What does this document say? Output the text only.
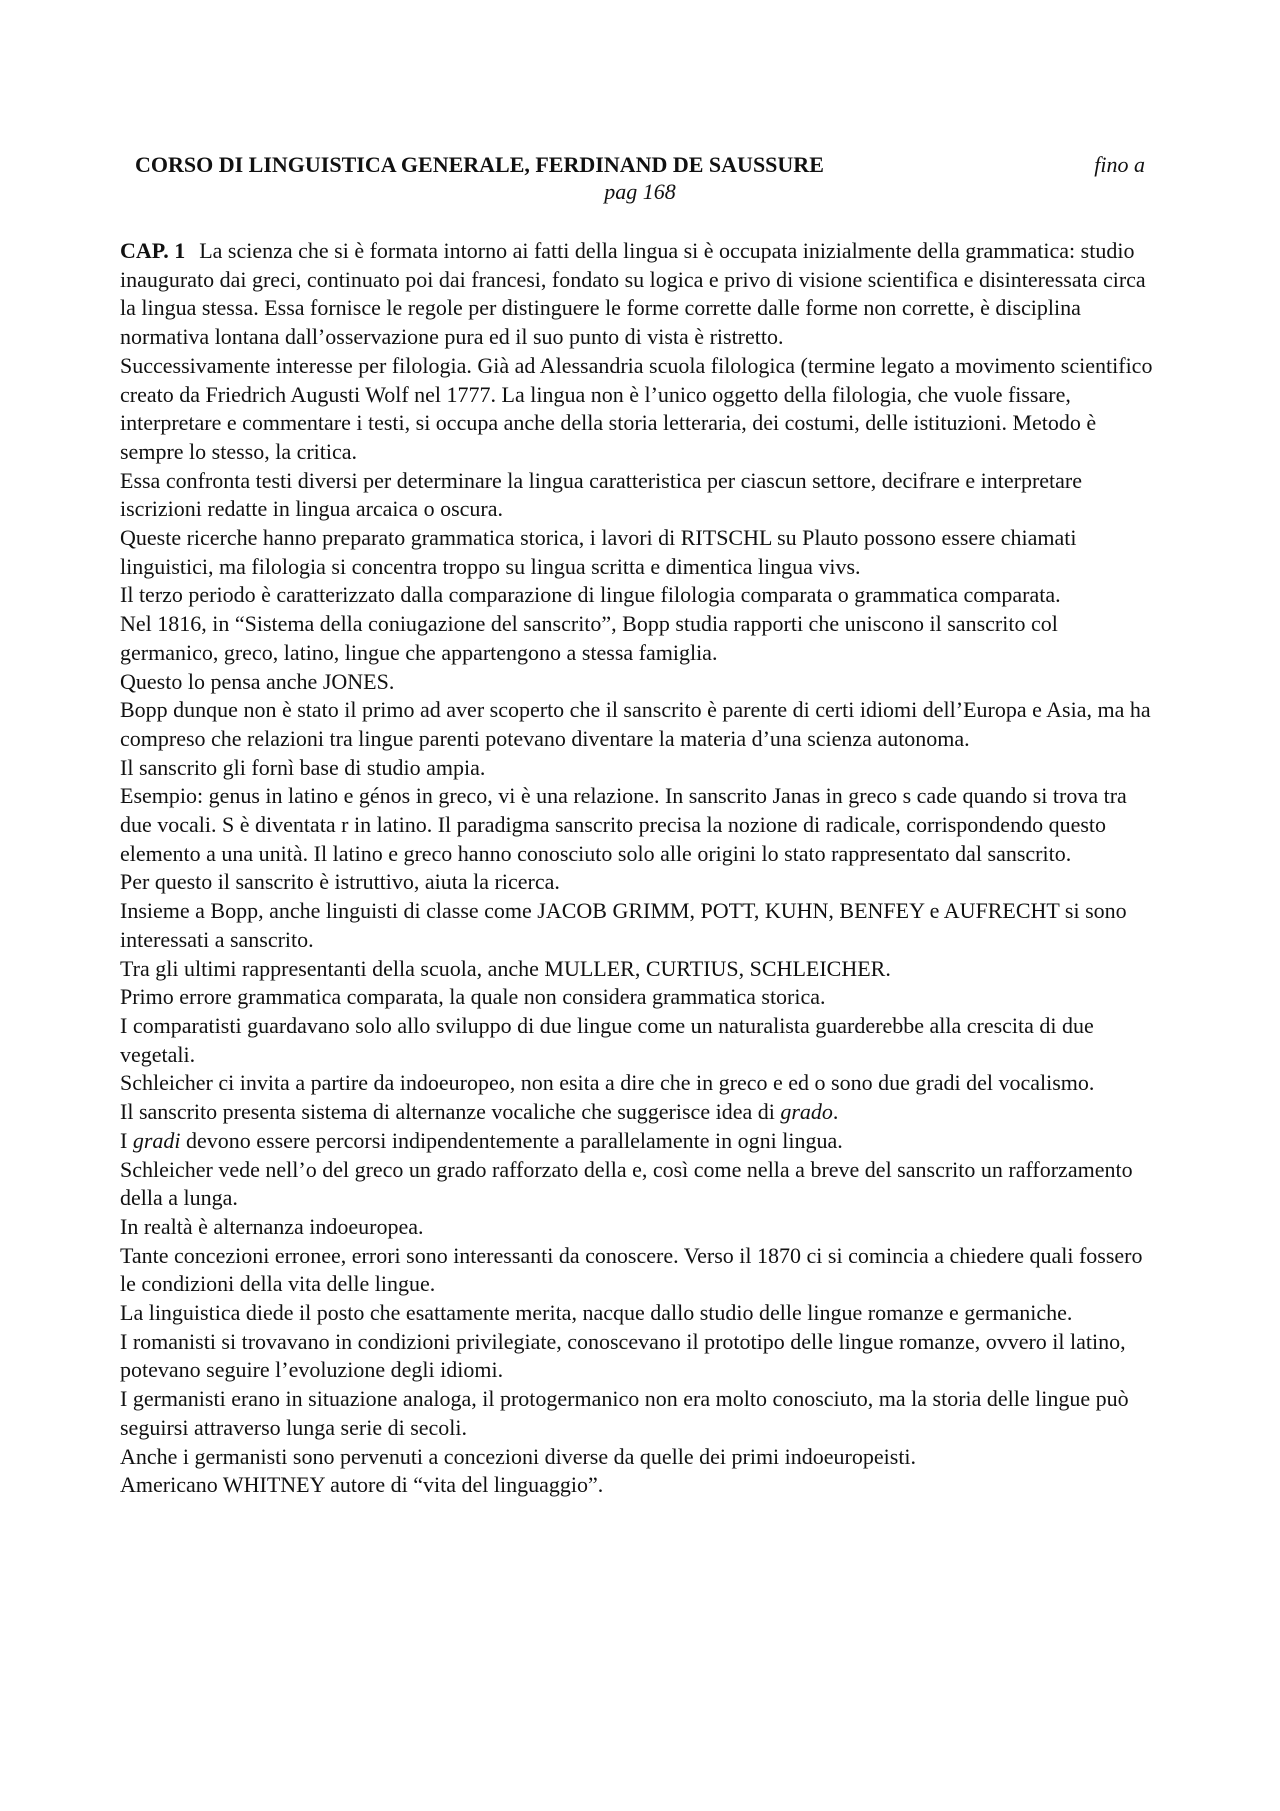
CORSO DI LINGUISTICA GENERALE, FERDINAND DE SAUSSURE	fino a
pag 168

CAP. 1 La scienza che si è formata intorno ai fatti della lingua si è occupata inizialmente della grammatica: studio inaugurato dai greci, continuato poi dai francesi, fondato su logica e privo di visione scientifica e disinteressata circa la lingua stessa. Essa fornisce le regole per distinguere le forme corrette dalle forme non corrette, è disciplina normativa lontana dall’osservazione pura ed il suo punto di vista è ristretto.

Successivamente interesse per filologia. Già ad Alessandria scuola filologica (termine legato a movimento scientifico creato da Friedrich Augusti Wolf nel 1777. La lingua non è l’unico oggetto della filologia, che vuole fissare, interpretare e commentare i testi, si occupa anche della storia letteraria, dei costumi, delle istituzioni. Metodo è sempre lo stesso, la critica.

Essa confronta testi diversi per determinare la lingua caratteristica per ciascun settore, decifrare e interpretare iscrizioni redatte in lingua arcaica o oscura.

Queste ricerche hanno preparato grammatica storica, i lavori di RITSCHL su Plauto possono essere chiamati linguistici, ma filologia si concentra troppo su lingua scritta e dimentica lingua vivs.

Il terzo periodo è caratterizzato dalla comparazione di lingue filologia comparata o grammatica comparata.

Nel 1816, in “Sistema della coniugazione del sanscrito”, Bopp studia rapporti che uniscono il sanscrito col germanico, greco, latino, lingue che appartengono a stessa famiglia.

Questo lo pensa anche JONES.

Bopp dunque non è stato il primo ad aver scoperto che il sanscrito è parente di certi idiomi dell’Europa e Asia, ma ha compreso che relazioni tra lingue parenti potevano diventare la materia d’una scienza autonoma.

Il sanscrito gli fornì base di studio ampia.

Esempio: genus in latino e génos in greco, vi è una relazione. In sanscrito Janas in greco s cade quando si trova tra due vocali. S è diventata r in latino. Il paradigma sanscrito precisa la nozione di radicale, corrispondendo questo elemento a una unità. Il latino e greco hanno conosciuto solo alle origini lo stato rappresentato dal sanscrito.

Per questo il sanscrito è istruttivo, aiuta la ricerca.

Insieme a Bopp, anche linguisti di classe come JACOB GRIMM, POTT, KUHN, BENFEY e AUFRECHT si sono interessati a sanscrito.

Tra gli ultimi rappresentanti della scuola, anche MULLER, CURTIUS, SCHLEICHER.

Primo errore grammatica comparata, la quale non considera grammatica storica.

I comparatisti guardavano solo allo sviluppo di due lingue come un naturalista guarderebbe alla crescita di due vegetali.

Schleicher ci invita a partire da indoeuropeo, non esita a dire che in greco e ed o sono due gradi del vocalismo.

Il sanscrito presenta sistema di alternanze vocaliche che suggerisce idea di grado.

I gradi devono essere percorsi indipendentemente a parallelamente in ogni lingua.

Schleicher vede nell’o del greco un grado rafforzato della e, così come nella a breve del sanscrito un rafforzamento della a lunga.

In realtà è alternanza indoeuropea.

Tante concezioni erronee, errori sono interessanti da conoscere. Verso il 1870 ci si comincia a chiedere quali fossero le condizioni della vita delle lingue.

La linguistica diede il posto che esattamente merita, nacque dallo studio delle lingue romanze e germaniche.

I romanisti si trovavano in condizioni privilegiate, conoscevano il prototipo delle lingue romanze, ovvero il latino, potevano seguire l’evoluzione degli idiomi.

I germanisti erano in situazione analoga, il protogermanico non era molto conosciuto, ma la storia delle lingue può seguirsi attraverso lunga serie di secoli.

Anche i germanisti sono pervenuti a concezioni diverse da quelle dei primi indoeuropeisti.

Americano WHITNEY autore di “vita del linguaggio”.
